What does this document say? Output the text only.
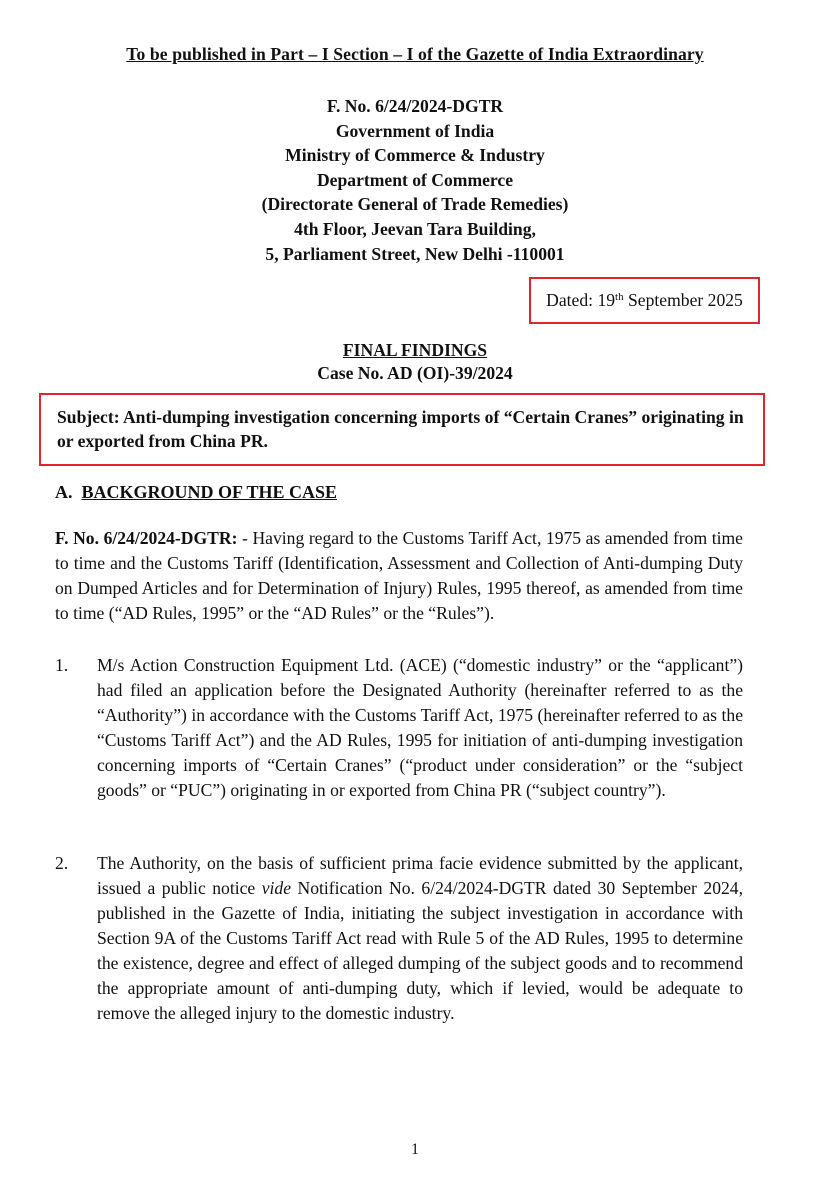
To be published in Part – I Section – I of the Gazette of India Extraordinary
F. No. 6/24/2024-DGTR
Government of India
Ministry of Commerce & Industry
Department of Commerce
(Directorate General of Trade Remedies)
4th Floor, Jeevan Tara Building,
5, Parliament Street, New Delhi -110001
Dated: 19th September 2025
FINAL FINDINGS
Case No. AD (OI)-39/2024
Subject: Anti-dumping investigation concerning imports of “Certain Cranes” originating in or exported from China PR.
A. BACKGROUND OF THE CASE
F. No. 6/24/2024-DGTR: - Having regard to the Customs Tariff Act, 1975 as amended from time to time and the Customs Tariff (Identification, Assessment and Collection of Anti-dumping Duty on Dumped Articles and for Determination of Injury) Rules, 1995 thereof, as amended from time to time (“AD Rules, 1995” or the “AD Rules” or the “Rules”).
1. M/s Action Construction Equipment Ltd. (ACE) (“domestic industry” or the “applicant”) had filed an application before the Designated Authority (hereinafter referred to as the “Authority”) in accordance with the Customs Tariff Act, 1975 (hereinafter referred to as the “Customs Tariff Act”) and the AD Rules, 1995 for initiation of anti-dumping investigation concerning imports of “Certain Cranes” (“product under consideration” or the “subject goods” or “PUC”) originating in or exported from China PR (“subject country”).
2. The Authority, on the basis of sufficient prima facie evidence submitted by the applicant, issued a public notice vide Notification No. 6/24/2024-DGTR dated 30 September 2024, published in the Gazette of India, initiating the subject investigation in accordance with Section 9A of the Customs Tariff Act read with Rule 5 of the AD Rules, 1995 to determine the existence, degree and effect of alleged dumping of the subject goods and to recommend the appropriate amount of anti-dumping duty, which if levied, would be adequate to remove the alleged injury to the domestic industry.
1
